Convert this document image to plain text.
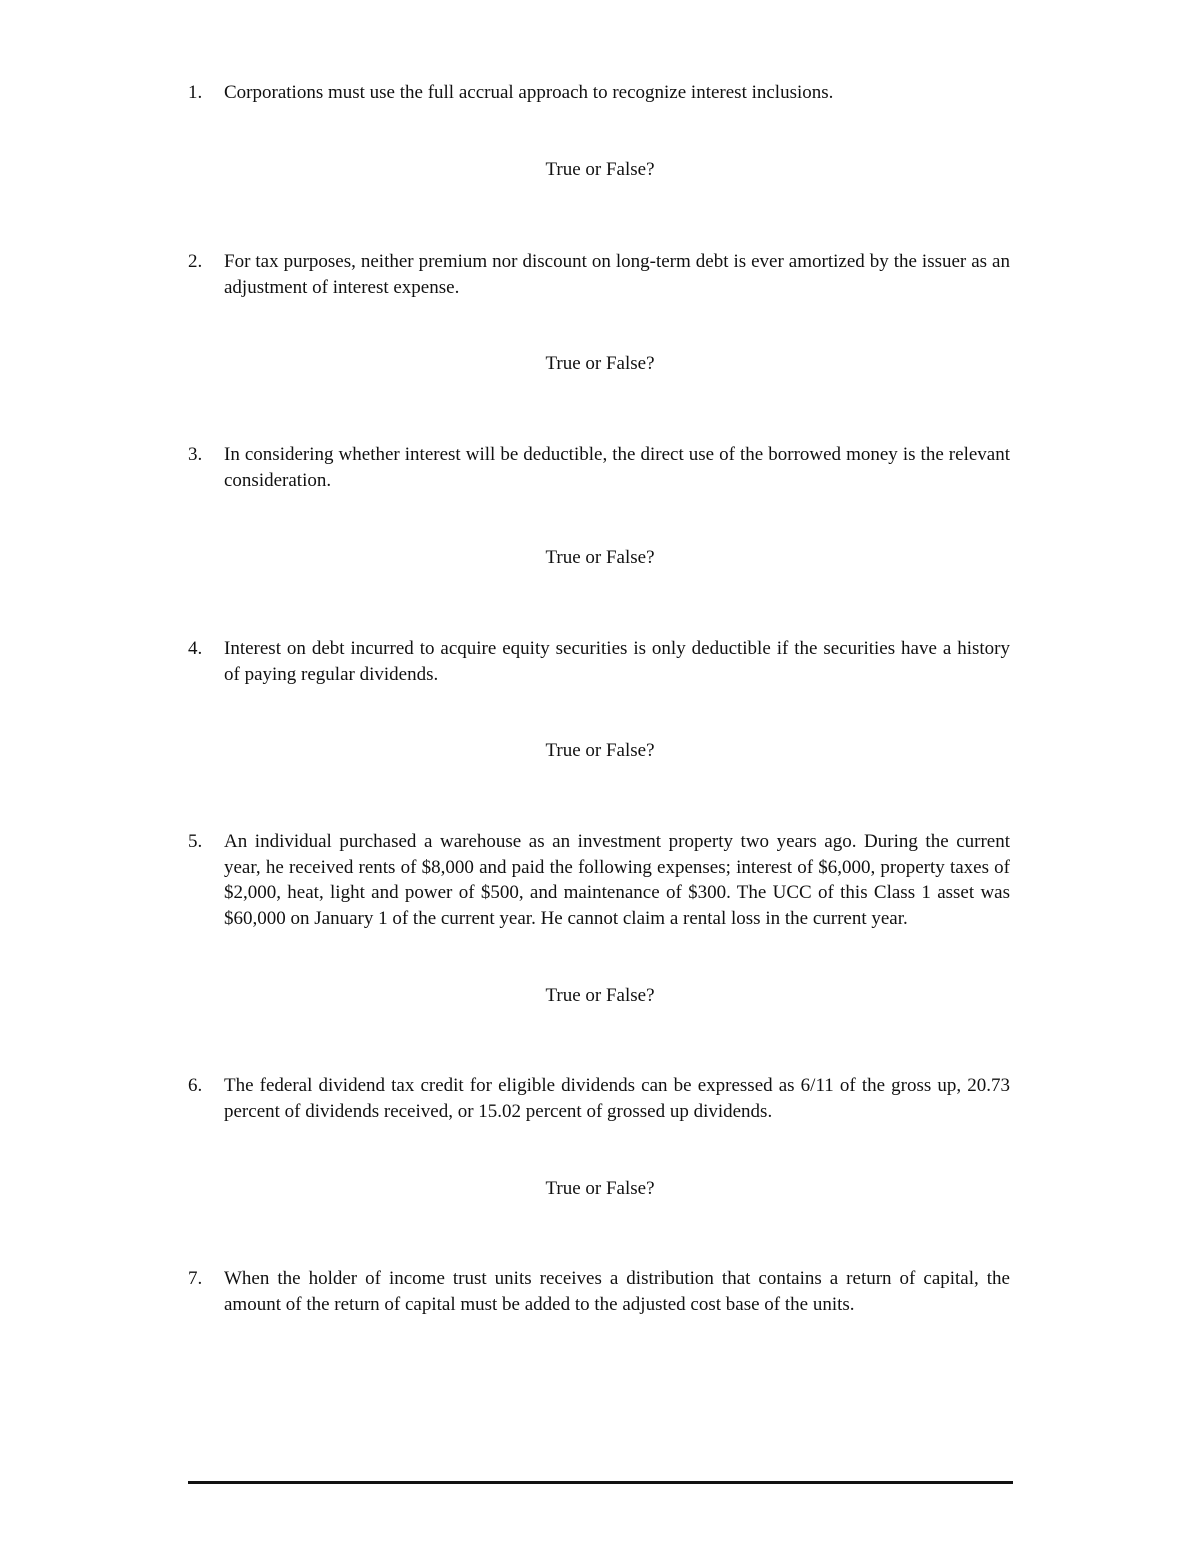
1.	Corporations must use the full accrual approach to recognize interest inclusions.
True or False?
2.	For tax purposes, neither premium nor discount on long-term debt is ever amortized by the issuer as an adjustment of interest expense.
True or False?
3.	In considering whether interest will be deductible, the direct use of the borrowed money is the relevant consideration.
True or False?
4.	Interest on debt incurred to acquire equity securities is only deductible if the securities have a history of paying regular dividends.
True or False?
5.	An individual purchased a warehouse as an investment property two years ago. During the current year, he received rents of $8,000 and paid the following expenses; interest of $6,000, property taxes of $2,000, heat, light and power of $500, and maintenance of $300. The UCC of this Class 1 asset was $60,000 on January 1 of the current year. He cannot claim a rental loss in the current year.
True or False?
6.	The federal dividend tax credit for eligible dividends can be expressed as 6/11 of the gross up, 20.73 percent of dividends received, or 15.02 percent of grossed up dividends.
True or False?
7.	When the holder of income trust units receives a distribution that contains a return of capital, the amount of the return of capital must be added to the adjusted cost base of the units.
